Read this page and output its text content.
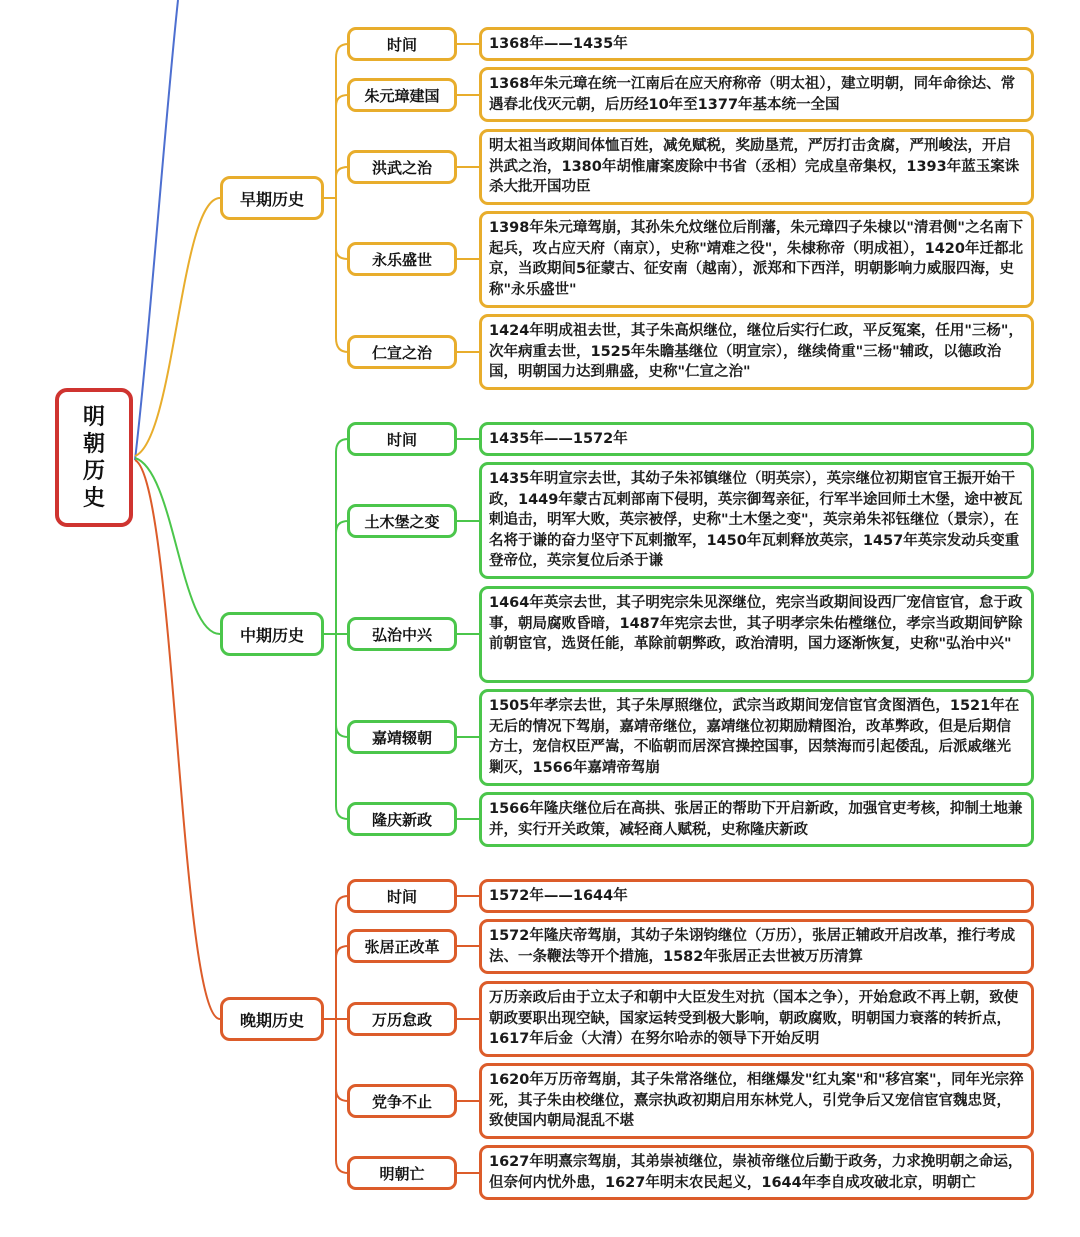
明朝历史
早期历史
中期历史
晚期历史
时间
朱元璋建国
洪武之治
永乐盛世
仁宣之治
1368年——1435年
1368年朱元璋在统一江南后在应天府称帝（明太祖），建立明朝，同年命徐达、常遇春北伐灭元朝，后历经10年至1377年基本统一全国
明太祖当政期间体恤百姓，减免赋税，奖励垦荒，严厉打击贪腐，严刑峻法，开启洪武之治，1380年胡惟庸案废除中书省（丞相）完成皇帝集权，1393年蓝玉案诛杀大批开国功臣
1398年朱元璋驾崩，其孙朱允炆继位后削藩，朱元璋四子朱棣以"清君侧"之名南下起兵，攻占应天府（南京），史称"靖难之役"，朱棣称帝（明成祖），1420年迁都北京，当政期间5征蒙古、征安南（越南），派郑和下西洋，明朝影响力威服四海，史称"永乐盛世"
1424年明成祖去世，其子朱高炽继位，继位后实行仁政，平反冤案，任用"三杨"，次年病重去世，1525年朱瞻基继位（明宣宗），继续倚重"三杨"辅政，以德政治国，明朝国力达到鼎盛，史称"仁宣之治"
时间
土木堡之变
弘治中兴
嘉靖辍朝
隆庆新政
1435年——1572年
1435年明宣宗去世，其幼子朱祁镇继位（明英宗），英宗继位初期宦官王振开始干政，1449年蒙古瓦剌部南下侵明，英宗御驾亲征，行军半途回师土木堡，途中被瓦剌追击，明军大败，英宗被俘，史称"土木堡之变"，英宗弟朱祁钰继位（景宗），在名将于谦的奋力坚守下瓦剌撤军，1450年瓦剌释放英宗，1457年英宗发动兵变重登帝位，英宗复位后杀于谦
1464年英宗去世，其子明宪宗朱见深继位，宪宗当政期间设西厂宠信宦官，怠于政事，朝局腐败昏暗，1487年宪宗去世，其子明孝宗朱佑樘继位，孝宗当政期间铲除前朝宦官，选贤任能，革除前朝弊政，政治清明，国力逐渐恢复，史称"弘治中兴"
1505年孝宗去世，其子朱厚照继位，武宗当政期间宠信宦官贪图酒色，1521年在无后的情况下驾崩，嘉靖帝继位，嘉靖继位初期励精图治，改革弊政，但是后期信方士，宠信权臣严嵩，不临朝而居深宫操控国事，因禁海而引起倭乱，后派戚继光剿灭，1566年嘉靖帝驾崩
1566年隆庆继位后在高拱、张居正的帮助下开启新政，加强官吏考核，抑制土地兼并，实行开关政策，减轻商人赋税，史称隆庆新政
时间
张居正改革
万历怠政
党争不止
明朝亡
1572年——1644年
1572年隆庆帝驾崩，其幼子朱诩钧继位（万历），张居正辅政开启改革，推行考成法、一条鞭法等开个措施，1582年张居正去世被万历清算
万历亲政后由于立太子和朝中大臣发生对抗（国本之争），开始怠政不再上朝，致使朝政要职出现空缺，国家运转受到极大影响，朝政腐败，明朝国力衰落的转折点，1617年后金（大清）在努尔哈赤的领导下开始反明
1620年万历帝驾崩，其子朱常洛继位，相继爆发"红丸案"和"移宫案"，同年光宗猝死，其子朱由校继位，熹宗执政初期启用东林党人，引党争后又宠信宦官魏忠贤，致使国内朝局混乱不堪
1627年明熹宗驾崩，其弟崇祯继位，崇祯帝继位后勤于政务，力求挽明朝之命运，但奈何内忧外患，1627年明末农民起义，1644年李自成攻破北京，明朝亡
